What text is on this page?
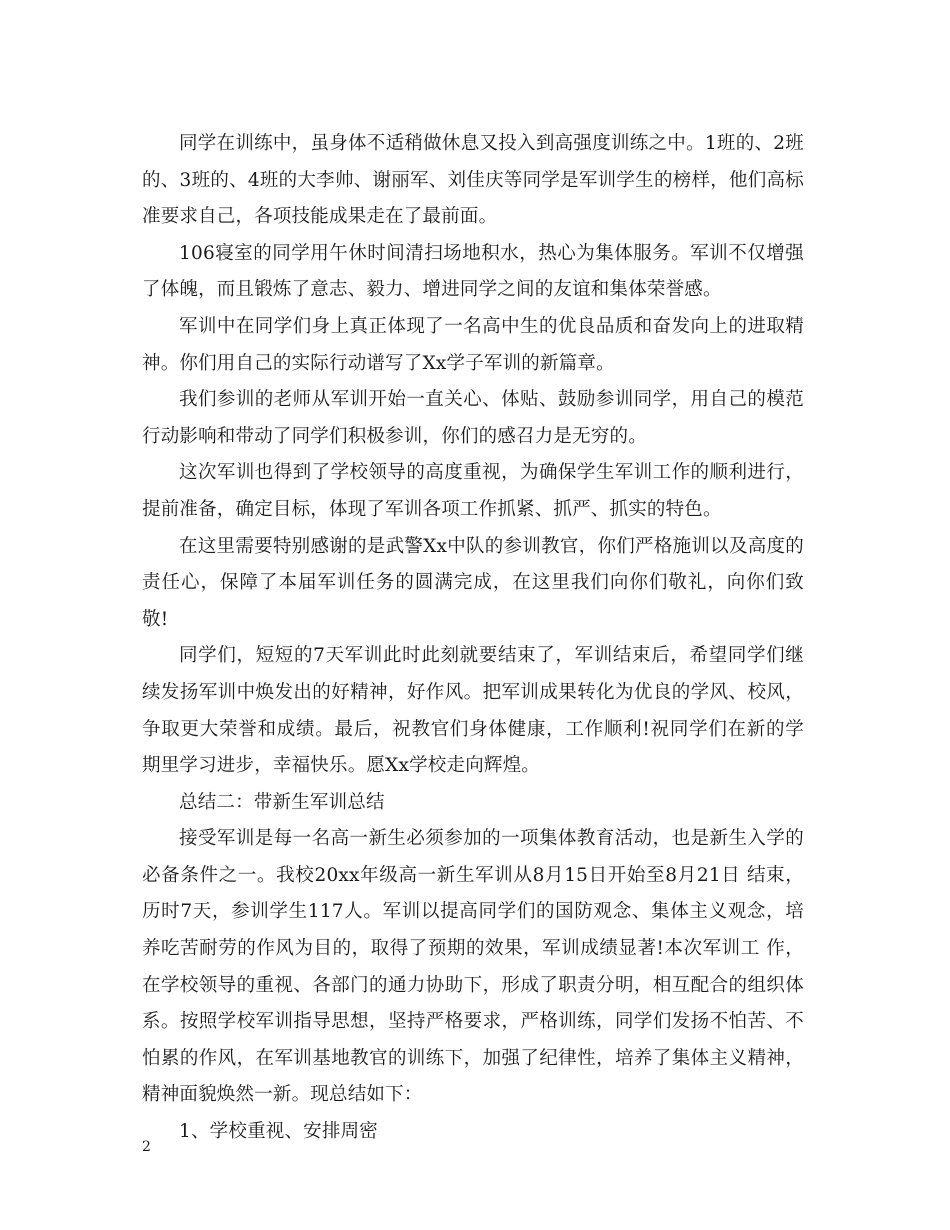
同学在训练中，虽身体不适稍做休息又投入到高强度训练之中。1班的、2班的、3班的、4班的大李帅、谢丽军、刘佳庆等同学是军训学生的榜样，他们高标准要求自己，各项技能成果走在了最前面。

106寝室的同学用午休时间清扫场地积水，热心为集体服务。军训不仅增强了体魄，而且锻炼了意志、毅力、增进同学之间的友谊和集体荣誉感。

军训中在同学们身上真正体现了一名高中生的优良品质和奋发向上的进取精神。你们用自己的实际行动谱写了Xx学子军训的新篇章。

我们参训的老师从军训开始一直关心、体贴、鼓励参训同学，用自己的模范行动影响和带动了同学们积极参训，你们的感召力是无穷的。

这次军训也得到了学校领导的高度重视，为确保学生军训工作的顺利进行，提前准备，确定目标，体现了军训各项工作抓紧、抓严、抓实的特色。

在这里需要特别感谢的是武警Xx中队的参训教官，你们严格施训以及高度的责任心，保障了本届军训任务的圆满完成，在这里我们向你们敬礼，向你们致敬!

同学们，短短的7天军训此时此刻就要结束了，军训结束后，希望同学们继续发扬军训中焕发出的好精神，好作风。把军训成果转化为优良的学风、校风，争取更大荣誉和成绩。最后，祝教官们身体健康，工作顺利!祝同学们在新的学期里学习进步，幸福快乐。愿Xx学校走向辉煌。

总结二：带新生军训总结

接受军训是每一名高一新生必须参加的一项集体教育活动，也是新生入学的必备条件之一。我校20xx年级高一新生军训从8月15日开始至8月21日 结束，历时7天，参训学生117人。军训以提高同学们的国防观念、集体主义观念，培养吃苦耐劳的作风为目的，取得了预期的效果，军训成绩显著!本次军训工 作，在学校领导的重视、各部门的通力协助下，形成了职责分明，相互配合的组织体系。按照学校军训指导思想，坚持严格要求，严格训练，同学们发扬不怕苦、不怕累的作风，在军训基地教官的训练下，加强了纪律性，培养了集体主义精神，精神面貌焕然一新。现总结如下：

1、学校重视、安排周密

2
